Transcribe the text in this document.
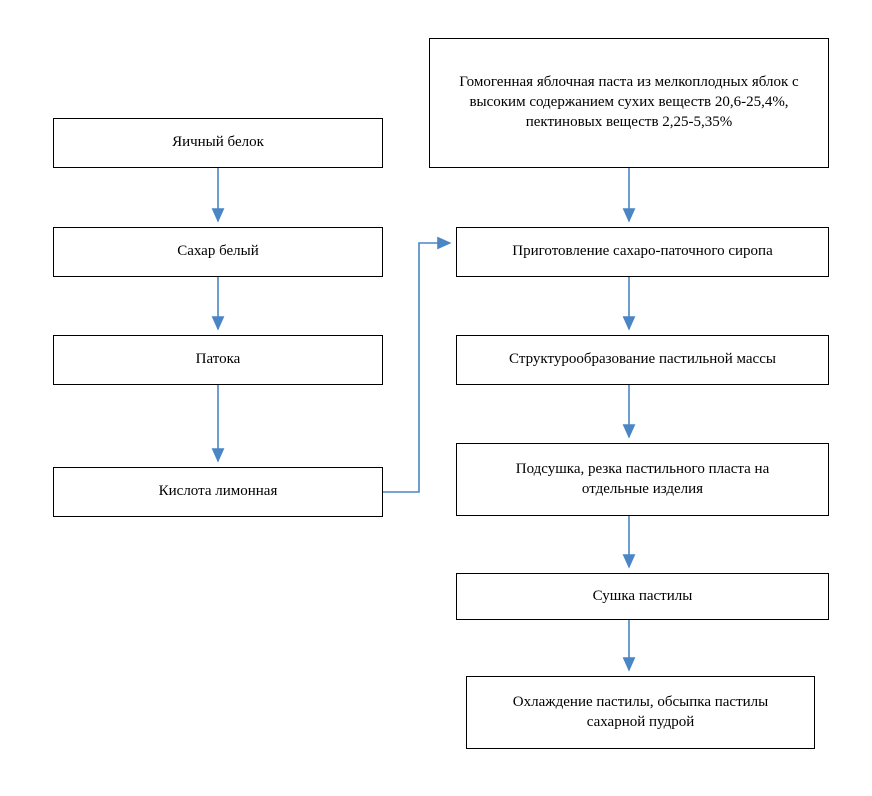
Яичный белок
Сахар белый
Патока
Кислота лимонная
Гомогенная яблочная паста из мелкоплодных яблок с высоким содержанием сухих веществ 20,6-25,4%, пектиновых веществ 2,25-5,35%
Приготовление сахаро-паточного сиропа
Структурообразование пастильной массы
Подсушка, резка пастильного пласта на отдельные изделия
Сушка пастилы
Охлаждение пастилы, обсыпка пастилы сахарной пудрой
